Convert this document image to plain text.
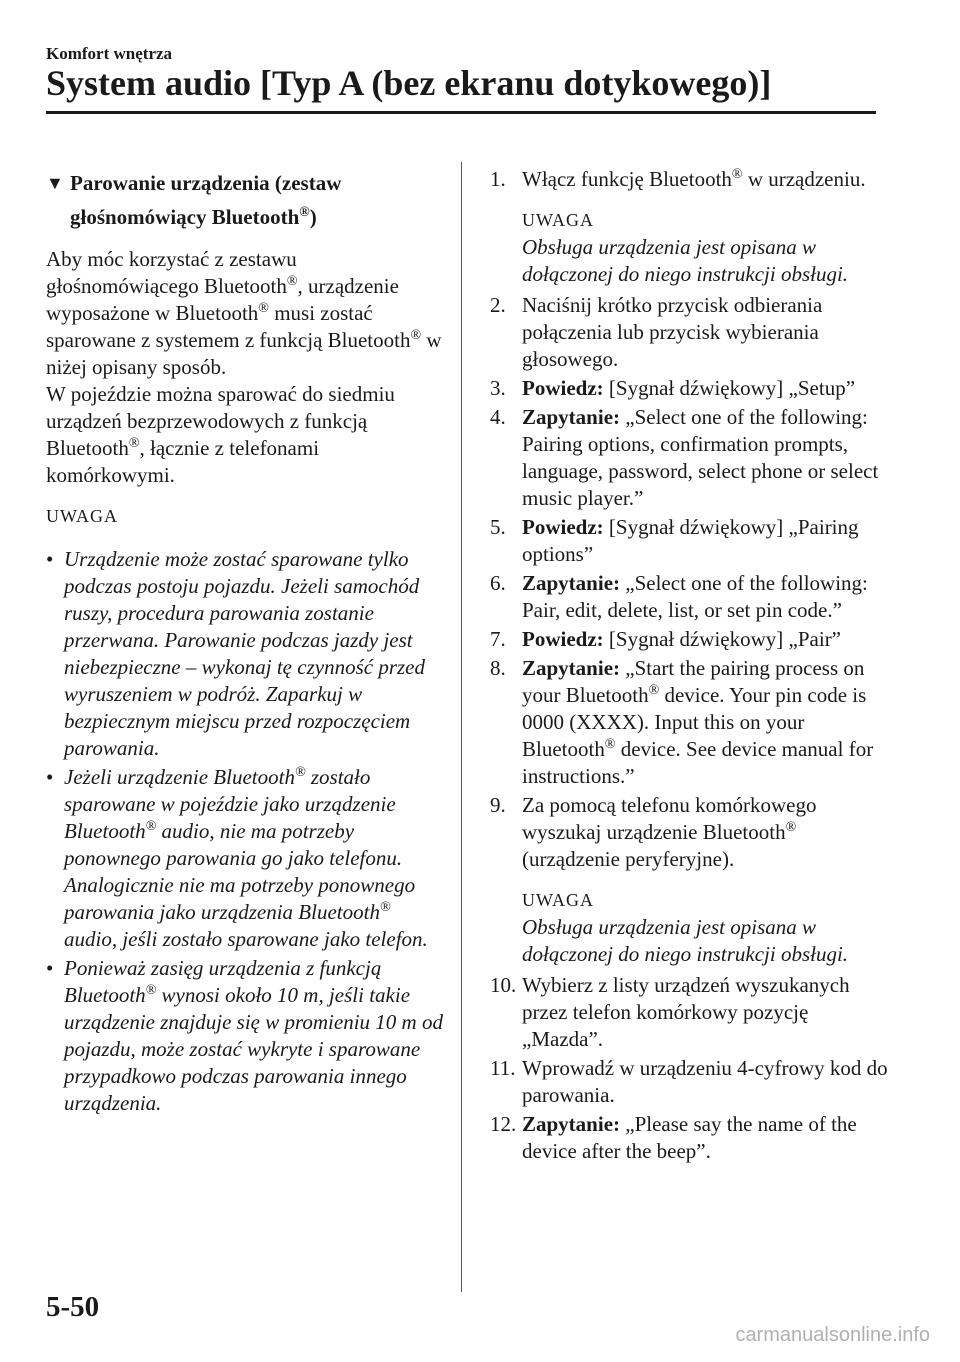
Komfort wnętrza
System audio [Typ A (bez ekranu dotykowego)]
▼ Parowanie urządzenia (zestaw
głośnomówiący Bluetooth®)

Aby móc korzystać z zestawu głośnomówiącego Bluetooth®, urządzenie wyposażone w Bluetooth® musi zostać sparowane z systemem z funkcją Bluetooth® w niżej opisany sposób.
W pojeździe można sparować do siedmiu urządzeń bezprzewodowych z funkcją Bluetooth®, łącznie z telefonami komórkowymi.

UWAGA
• Urządzenie może zostać sparowane tylko podczas postoju pojazdu. Jeżeli samochód ruszy, procedura parowania zostanie przerwana. Parowanie podczas jazdy jest niebezpieczne – wykonaj tę czynność przed wyruszeniem w podróż. Zaparkuj w bezpiecznym miejscu przed rozpoczęciem parowania.
• Jeżeli urządzenie Bluetooth® zostało sparowane w pojeździe jako urządzenie Bluetooth® audio, nie ma potrzeby ponownego parowania go jako telefonu. Analogicznie nie ma potrzeby ponownego parowania jako urządzenia Bluetooth® audio, jeśli zostało sparowane jako telefon.
• Ponieważ zasięg urządzenia z funkcją Bluetooth® wynosi około 10 m, jeśli takie urządzenie znajduje się w promieniu 10 m od pojazdu, może zostać wykryte i sparowane przypadkowo podczas parowania innego urządzenia.
1. Włącz funkcję Bluetooth® w urządzeniu.
UWAGA
Obsługa urządzenia jest opisana w dołączonej do niego instrukcji obsługi.
2. Naciśnij krótko przycisk odbierania połączenia lub przycisk wybierania głosowego.
3. Powiedz: [Sygnał dźwiękowy] „Setup”
4. Zapytanie: „Select one of the following: Pairing options, confirmation prompts, language, password, select phone or select music player.”
5. Powiedz: [Sygnał dźwiękowy] „Pairing options”
6. Zapytanie: „Select one of the following: Pair, edit, delete, list, or set pin code.”
7. Powiedz: [Sygnał dźwiękowy] „Pair”
8. Zapytanie: „Start the pairing process on your Bluetooth® device. Your pin code is 0000 (XXXX). Input this on your Bluetooth® device. See device manual for instructions.”
9. Za pomocą telefonu komórkowego wyszukaj urządzenie Bluetooth® (urządzenie peryferyjne).
UWAGA
Obsługa urządzenia jest opisana w dołączonej do niego instrukcji obsługi.
10. Wybierz z listy urządzeń wyszukanych przez telefon komórkowy pozycję „Mazda”.
11. Wprowadź w urządzeniu 4-cyfrowy kod do parowania.
12. Zapytanie: „Please say the name of the device after the beep”.
5-50
carmanualsonline.info
